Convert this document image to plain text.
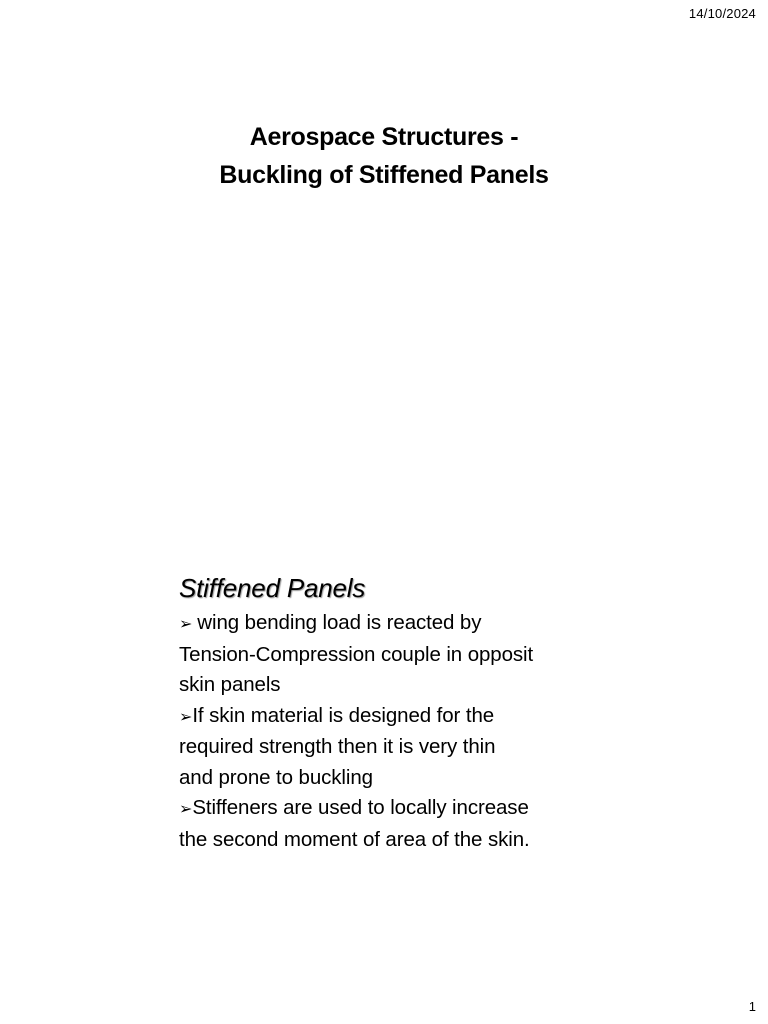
14/10/2024
Aerospace Structures -
Buckling of Stiffened Panels
Stiffened Panels
➢ wing bending load is reacted by
Tension-Compression couple in opposit
skin panels
➢If skin material is designed for the
required strength then it is very thin
and prone to buckling
➢Stiffeners are used to locally increase
the second moment of area of the skin.
1
